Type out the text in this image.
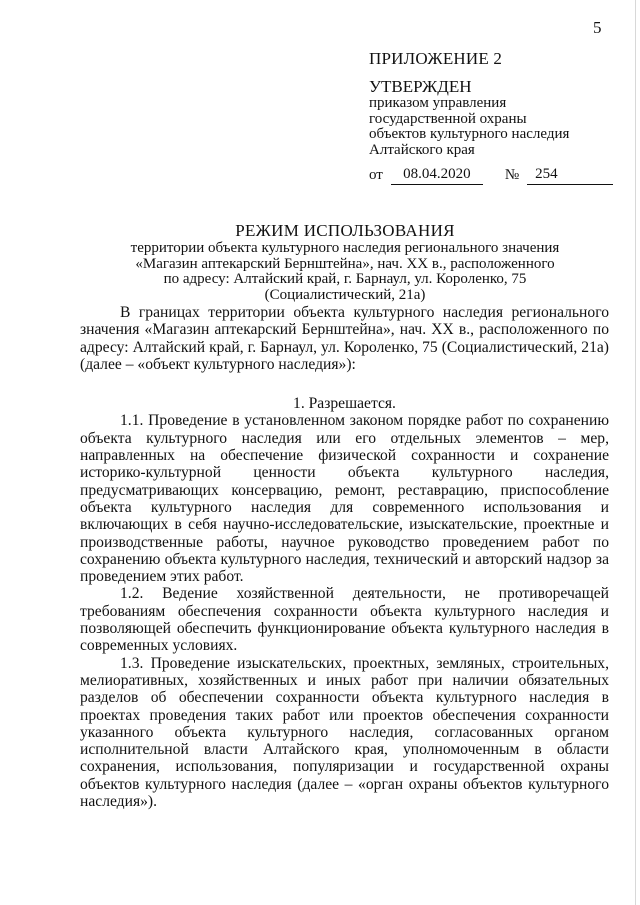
5
ПРИЛОЖЕНИЕ 2
УТВЕРЖДЕН
приказом управления
государственной охраны
объектов культурного наследия
Алтайского края
от	08.04.2020	№	254
РЕЖИМ ИСПОЛЬЗОВАНИЯ
территории объекта культурного наследия регионального значения
«Магазин аптекарский Бернштейна», нач. XX в., расположенного
по адресу: Алтайский край, г. Барнаул, ул. Короленко, 75
(Социалистический, 21а)

В границах территории объекта культурного наследия регионального значения «Магазин аптекарский Бернштейна», нач. XX в., расположенного по адресу: Алтайский край, г. Барнаул, ул. Короленко, 75 (Социалистический, 21а) (далее – «объект культурного наследия»):

1. Разрешается.

1.1. Проведение в установленном законом порядке работ по сохранению объекта культурного наследия или его отдельных элементов – мер, направленных на обеспечение физической сохранности и сохранение историко-культурной ценности объекта культурного наследия, предусматривающих консервацию, ремонт, реставрацию, приспособление объекта культурного наследия для современного использования и включающих в себя научно-исследовательские, изыскательские, проектные и производственные работы, научное руководство проведением работ по сохранению объекта культурного наследия, технический и авторский надзор за проведением этих работ.

1.2. Ведение хозяйственной деятельности, не противоречащей требованиям обеспечения сохранности объекта культурного наследия и позволяющей обеспечить функционирование объекта культурного наследия в современных условиях.

1.3. Проведение изыскательских, проектных, земляных, строительных, мелиоративных, хозяйственных и иных работ при наличии обязательных разделов об обеспечении сохранности объекта культурного наследия в проектах проведения таких работ или проектов обеспечения сохранности указанного объекта культурного наследия, согласованных органом исполнительной власти Алтайского края, уполномоченным в области сохранения, использования, популяризации и государственной охраны объектов культурного наследия (далее – «орган охраны объектов культурного наследия»).
